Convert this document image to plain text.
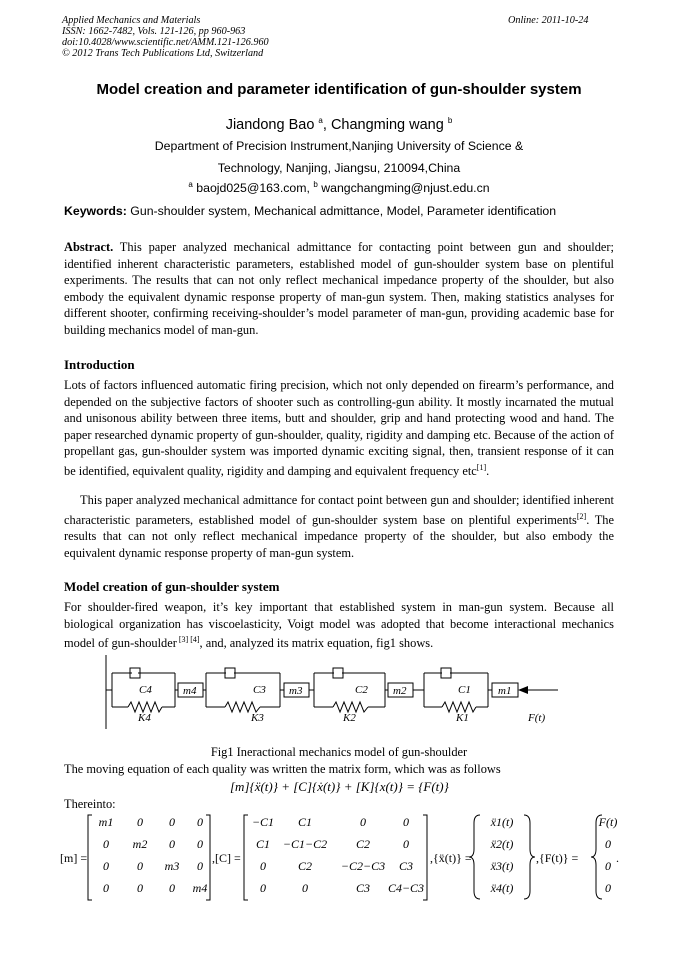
Applied Mechanics and Materials
ISSN: 1662-7482, Vols. 121-126, pp 960-963
doi:10.4028/www.scientific.net/AMM.121-126.960
© 2012 Trans Tech Publications Ltd, Switzerland
Online: 2011-10-24
Model creation and parameter identification of gun-shoulder system
Jiandong Bao $^a$, Changming wang $^b$
Department of Precision Instrument,Nanjing University of Science &
Technology, Nanjing, Jiangsu, 210094,China
$^a$ baojd025@163.com, $^b$ wangchangming@njust.edu.cn
Keywords: Gun-shoulder system, Mechanical admittance, Model, Parameter identification
Abstract. This paper analyzed mechanical admittance for contacting point between gun and shoulder; identified inherent characteristic parameters, established model of gun-shoulder system base on plentiful experiments. The results that can not only reflect mechanical impedance property of the shoulder, but also embody the equivalent dynamic response property of man-gun system. Then, making statistics analyses for different shooter, confirming receiving-shoulder’s model parameter of man-gun, providing academic base for building mechanics model of man-gun.
Introduction
Lots of factors influenced automatic firing precision, which not only depended on firearm’s performance, and depended on the subjective factors of shooter such as controlling-gun ability. It mostly incarnated the mutual and unisonous ability between three items, butt and shoulder, grip and hand protecting wood and hand. The paper researched dynamic property of gun-shoulder, quality, rigidity and damping etc. Because of the action of propellant gas, gun-shoulder system was imported dynamic exciting signal, then, transient response of it can be identified, equivalent quality, rigidity and damping and equivalent frequency etc[1].
This paper analyzed mechanical admittance for contact point between gun and shoulder; identified inherent characteristic parameters, established model of gun-shoulder system base on plentiful experiments[2]. The results that can not only reflect mechanical impedance property of the shoulder, but also embody the equivalent dynamic response property of man-gun system.
Model creation of gun-shoulder system
For shoulder-fired weapon, it’s key important that established system in man-gun system. Because all biological organization has viscoelasticity, Voigt model was adopted that become interactional mechanics model of gun-shoulder [3] [4], and, analyzed its matrix equation, fig1 shows.
C4	C3	C2	C1
K4	K3	K2	K1
m4	m3	m2	m1
F(t)
Fig1 Ineractional mechanics model of gun-shoulder
The moving equation of each quality was written the matrix form, which was as follows
[m]{ẍ(t)} + [C]{ẋ(t)} + [K]{x(t)} = {F(t)}
Thereinto:
[m] =
m1 0 0 0
0 m2 0 0
0 0 m3 0
0 0 0 m4
,[C] =
−C1 C1	0	0
C1 −C1−C2 C2	0
0	C2 −C2−C3 C3
0	0	C3 C4−C3
,{ẍ(t)} =
ẍ1(t)
ẍ2(t)
ẍ3(t)
ẍ4(t)
,{F(t)} =
F(t)
0
0
0
.
